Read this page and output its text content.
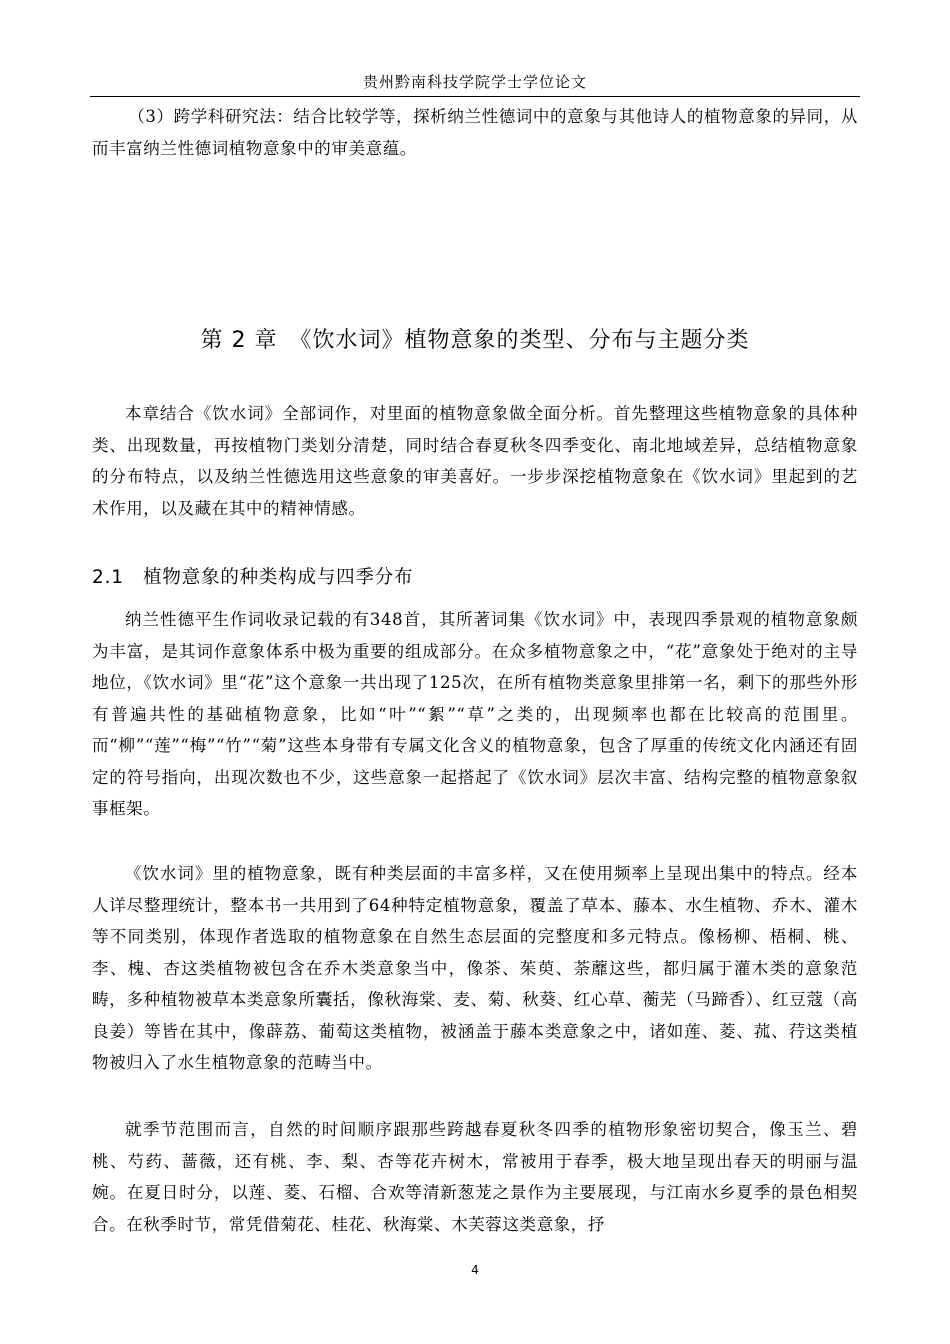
贵州黔南科技学院学士学位论文

（3）跨学科研究法：结合比较学等，探析纳兰性德词中的意象与其他诗人的植物意象的异同，从而丰富纳兰性德词植物意象中的审美意蕴。

第 2 章　《饮水词》植物意象的类型、分布与主题分类

本章结合《饮水词》全部词作，对里面的植物意象做全面分析。首先整理这些植物意象的具体种类、出现数量，再按植物门类划分清楚，同时结合春夏秋冬四季变化、南北地域差异，总结植物意象的分布特点，以及纳兰性德选用这些意象的审美喜好。一步步深挖植物意象在《饮水词》里起到的艺术作用，以及藏在其中的精神情感。

2.1　植物意象的种类构成与四季分布

纳兰性德平生作词收录记载的有348首，其所著词集《饮水词》中，表现四季景观的植物意象颇为丰富，是其词作意象体系中极为重要的组成部分。在众多植物意象之中，“花”意象处于绝对的主导地位，《饮水词》里“花”这个意象一共出现了125次，在所有植物类意象里排第一名，剩下的那些外形有普遍共性的基础植物意象，比如“叶”“絮”“草”之类的，出现频率也都在比较高的范围里。而“柳”“莲”“梅”“竹”“菊”这些本身带有专属文化含义的植物意象，包含了厚重的传统文化内涵还有固定的符号指向，出现次数也不少，这些意象一起搭起了《饮水词》层次丰富、结构完整的植物意象叙事框架。

《饮水词》里的植物意象，既有种类层面的丰富多样，又在使用频率上呈现出集中的特点。经本人详尽整理统计，整本书一共用到了64种特定植物意象，覆盖了草本、藤本、水生植物、乔木、灌木等不同类别，体现作者选取的植物意象在自然生态层面的完整度和多元特点。像杨柳、梧桐、桃、李、槐、杏这类植物被包含在乔木类意象当中，像茶、茱萸、荼蘼这些，都归属于灌木类的意象范畴，多种植物被草本类意象所囊括，像秋海棠、麦、菊、秋葵、红心草、蘅芜（马蹄香）、红豆蔻（高良姜）等皆在其中，像薜荔、葡萄这类植物，被涵盖于藤本类意象之中，诸如莲、菱、菰、荇这类植物被归入了水生植物意象的范畴当中。

就季节范围而言，自然的时间顺序跟那些跨越春夏秋冬四季的植物形象密切契合，像玉兰、碧桃、芍药、蔷薇，还有桃、李、梨、杏等花卉树木，常被用于春季，极大地呈现出春天的明丽与温婉。在夏日时分，以莲、菱、石榴、合欢等清新葱茏之景作为主要展现，与江南水乡夏季的景色相契合。在秋季时节，常凭借菊花、桂花、秋海棠、木芙蓉这类意象，抒

4
